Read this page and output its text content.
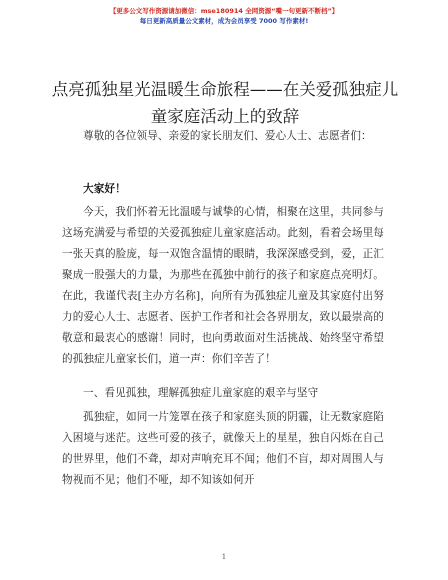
【更多公文写作资源请加微信：mse180914 全网资源“嘴一句更新不断档”】
每日更新高质量公文素材，成为会员享受 7000 写作素材!
点亮孤独星光温暖生命旅程——在关爱孤独症儿童家庭活动上的致辞

尊敬的各位领导、亲爱的家长朋友们、爱心人士、志愿者们：

大家好！

今天，我们怀着无比温暖与诚挚的心情，相聚在这里，共同参与这场充满爱与希望的关爱孤独症儿童家庭活动。此刻，看着会场里每一张天真的脸庞，每一双饱含温情的眼睛，我深深感受到，爱，正汇聚成一股强大的力量，为那些在孤独中前行的孩子和家庭点亮明灯。在此，我谨代表[主办方名称]，向所有为孤独症儿童及其家庭付出努力的爱心人士、志愿者、医护工作者和社会各界朋友，致以最崇高的敬意和最衷心的感谢！同时，也向勇敢面对生活挑战、始终坚守希望的孤独症儿童家长们，道一声：你们辛苦了！

一、看见孤独，理解孤独症儿童家庭的艰辛与坚守

孤独症，如同一片笼罩在孩子和家庭头顶的阴霾，让无数家庭陷入困境与迷茫。这些可爱的孩子，就像天上的星星，独自闪烁在自己的世界里，他们不聋，却对声响充耳不闻；他们不盲，却对周围人与物视而不见；他们不哑，却不知该如何开

1
